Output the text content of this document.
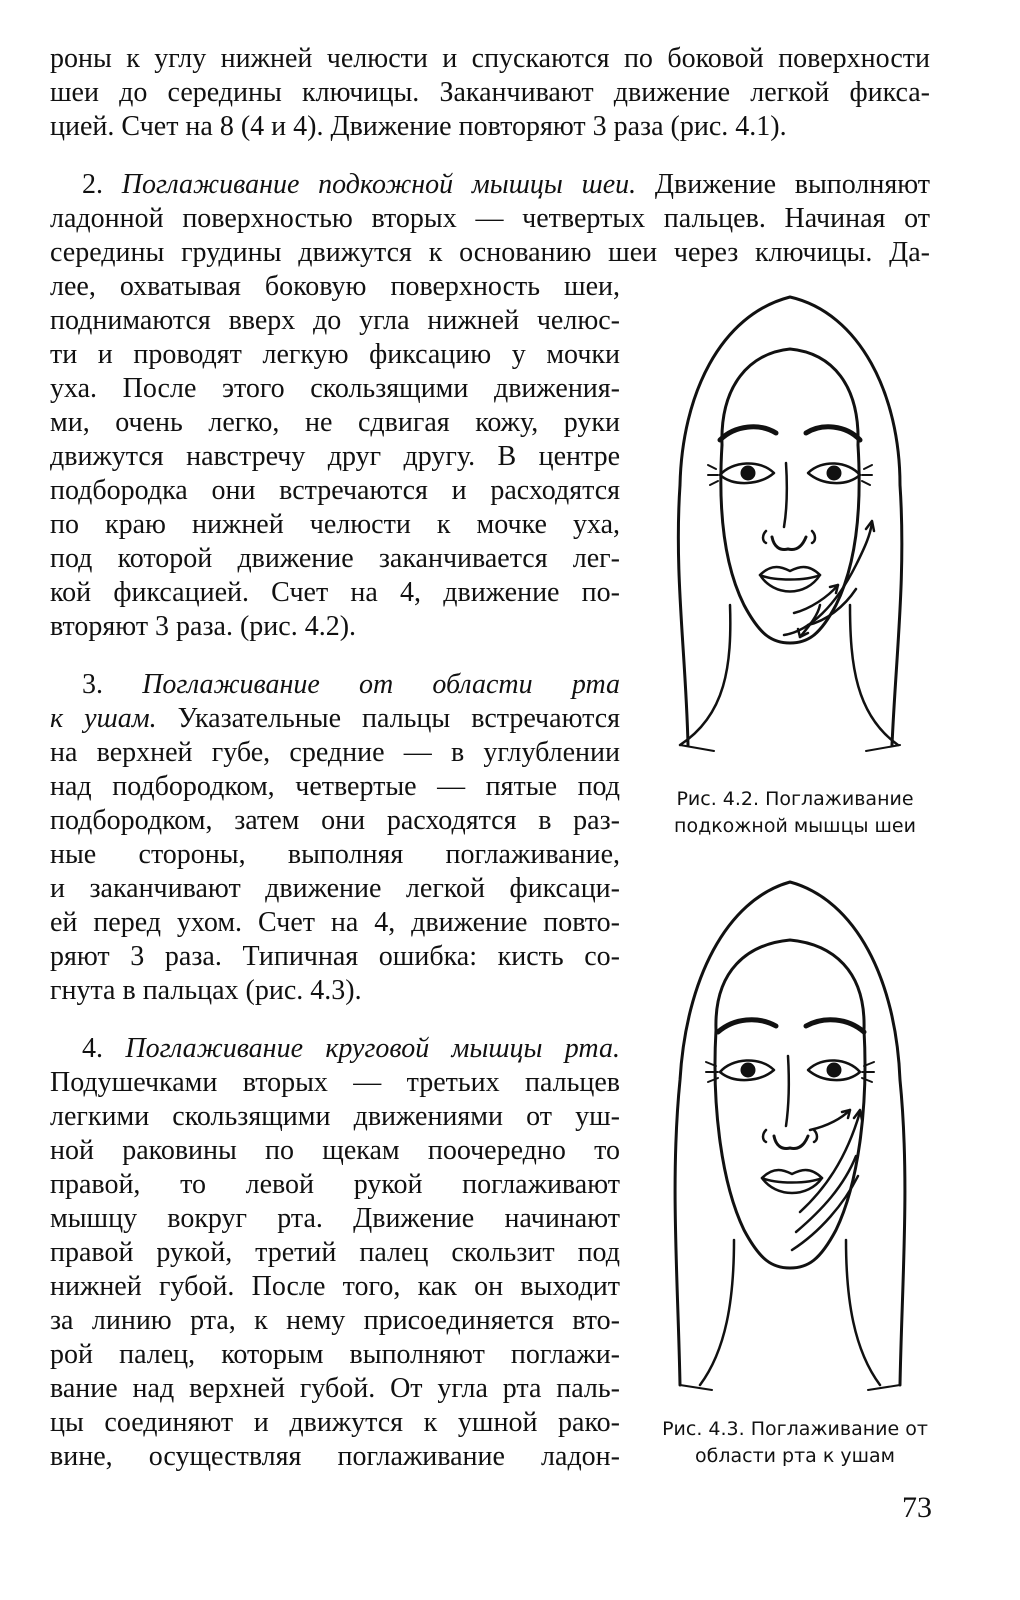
роны к углу нижней челюсти и спускаются по боковой поверхности
шеи до середины ключицы. Заканчивают движение легкой фикса-
цией. Счет на 8 (4 и 4). Движение повторяют 3 раза (рис. 4.1).
2. Поглаживание подкожной мышцы шеи. Движение выполняют
ладонной поверхностью вторых — четвертых пальцев. Начиная от
середины грудины движутся к основанию шеи через ключицы. Да-
лее, охватывая боковую поверхность шеи,
поднимаются вверх до угла нижней челюс-
ти и проводят легкую фиксацию у мочки
уха. После этого скользящими движения-
ми, очень легко, не сдвигая кожу, руки
движутся навстречу друг другу. В центре
подбородка они встречаются и расходятся
по краю нижней челюсти к мочке уха,
под которой движение заканчивается лег-
кой фиксацией. Счет на 4, движение по-
вторяют 3 раза. (рис. 4.2).
3. Поглаживание от области рта
к ушам. Указательные пальцы встречаются
на верхней губе, средние — в углублении
над подбородком, четвертые — пятые под
подбородком, затем они расходятся в раз-
ные стороны, выполняя поглаживание,
и заканчивают движение легкой фиксаци-
ей перед ухом. Счет на 4, движение повто-
ряют 3 раза. Типичная ошибка: кисть со-
гнута в пальцах (рис. 4.3).
4. Поглаживание круговой мышцы рта.
Подушечками вторых — третьих пальцев
легкими скользящими движениями от уш-
ной раковины по щекам поочередно то
правой, то левой рукой поглаживают
мышцу вокруг рта. Движение начинают
правой рукой, третий палец скользит под
нижней губой. После того, как он выходит
за линию рта, к нему присоединяется вто-
рой палец, которым выполняют поглажи-
вание над верхней губой. От угла рта паль-
цы соединяют и движутся к ушной рако-
вине, осуществляя поглаживание ладон-
Рис. 4.2. Поглаживание
подкожной мышцы шеи
Рис. 4.3. Поглаживание от
области рта к ушам
73
